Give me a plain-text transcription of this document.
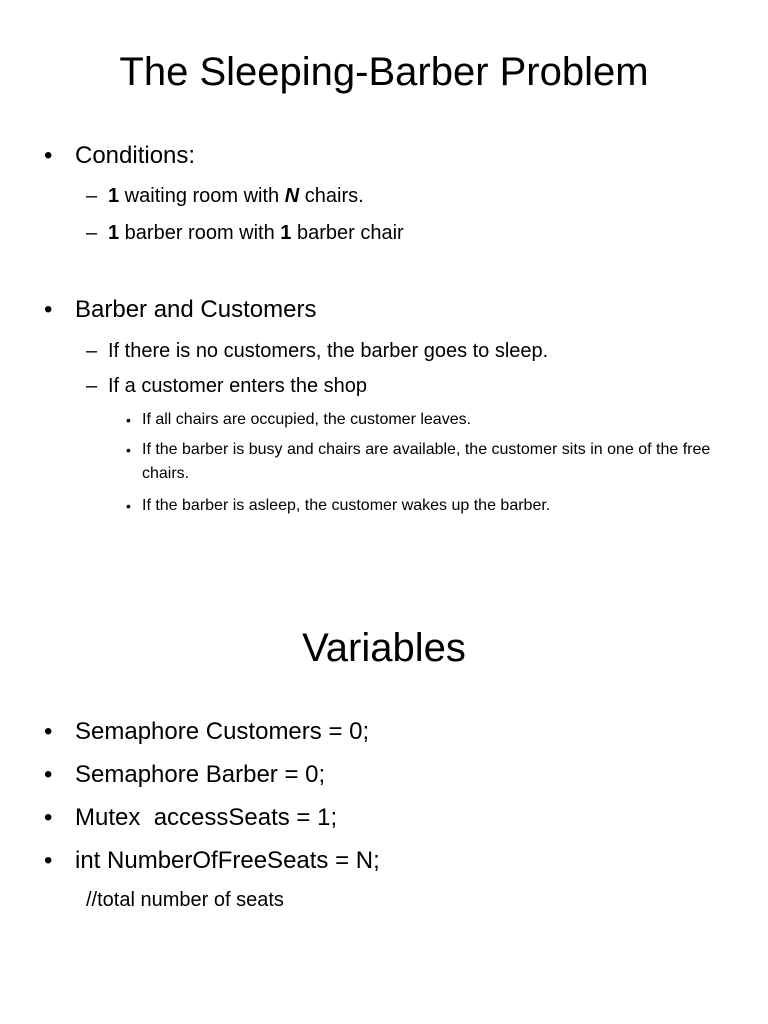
The Sleeping-Barber Problem
• Conditions:
– 1 waiting room with N chairs.
– 1 barber room with 1 barber chair
• Barber and Customers
– If there is no customers, the barber goes to sleep.
– If a customer enters the shop
• If all chairs are occupied, the customer leaves.
• If the barber is busy and chairs are available, the customer sits in one of the free chairs.
• If the barber is asleep, the customer wakes up the barber.
Variables
• Semaphore Customers = 0;
• Semaphore Barber = 0;
• Mutex  accessSeats = 1;
• int NumberOfFreeSeats = N;
//total number of seats
